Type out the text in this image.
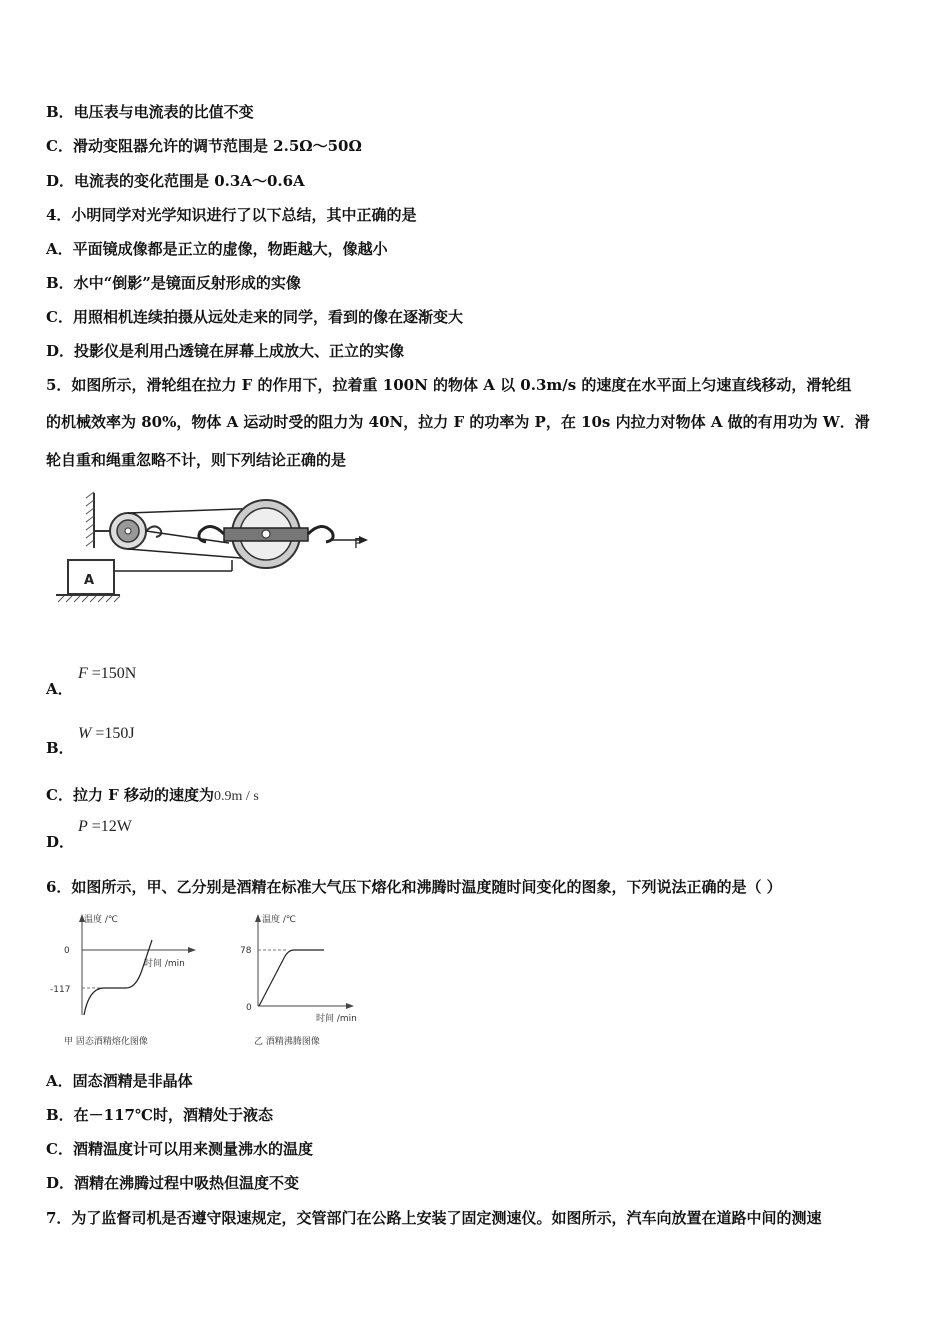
B．电压表与电流表的比值不变
C．滑动变阻器允许的调节范围是 2.5Ω～50Ω
D．电流表的变化范围是 0.3A～0.6A
4．小明同学对光学知识进行了以下总结，其中正确的是
A．平面镜成像都是正立的虚像，物距越大，像越小
B．水中“倒影”是镜面反射形成的实像
C．用照相机连续拍摄从远处走来的同学，看到的像在逐渐变大
D．投影仪是利用凸透镜在屏幕上成放大、正立的实像
5．如图所示，滑轮组在拉力 F 的作用下，拉着重 100N 的物体 A 以 0.3m/s 的速度在水平面上匀速直线移动，滑轮组
的机械效率为 80%，物体 A 运动时受的阻力为 40N，拉力 F 的功率为 P，在 10s 内拉力对物体 A 做的有用功为 W．滑
轮自重和绳重忽略不计，则下列结论正确的是
F
A
A．
F =150N
B．
W =150J
C．拉力 F 移动的速度为0.9m / s
D．
P =12W
6．如图所示，甲、乙分别是酒精在标准大气压下熔化和沸腾时温度随时间变化的图象，下列说法正确的是（ ）
温度 /℃
时间 /min
0
-117
甲 固态酒精熔化图像
温度 /℃
时间 /min
78
0
乙 酒精沸腾图像
A．固态酒精是非晶体
B．在－117℃时，酒精处于液态
C．酒精温度计可以用来测量沸水的温度
D．酒精在沸腾过程中吸热但温度不变
7．为了监督司机是否遵守限速规定，交管部门在公路上安装了固定测速仪。如图所示，汽车向放置在道路中间的测速
